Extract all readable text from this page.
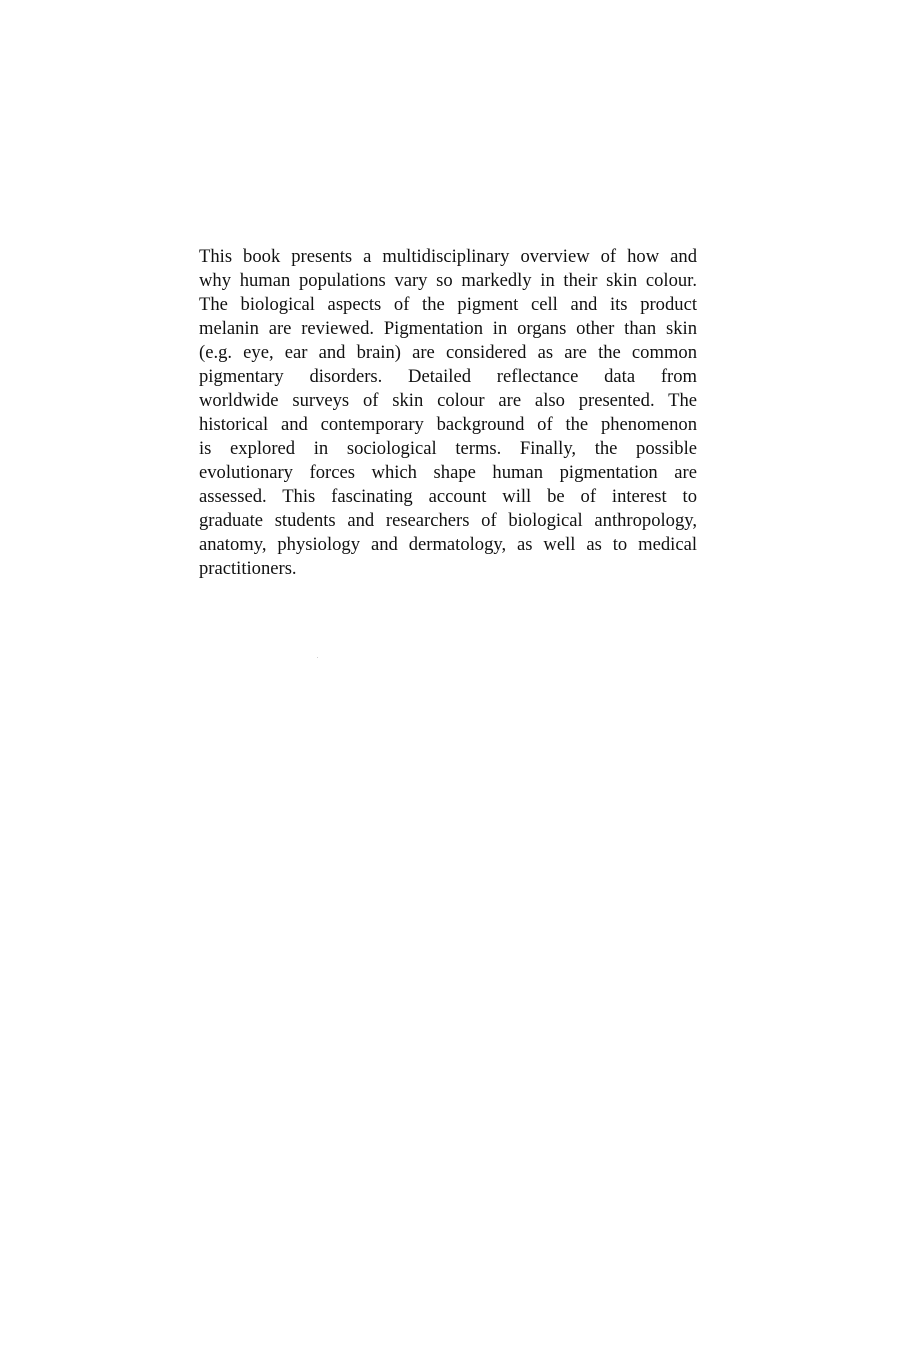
This book presents a multidisciplinary overview of how and
why human populations vary so markedly in their skin colour.
The biological aspects of the pigment cell and its product
melanin are reviewed. Pigmentation in organs other than skin
(e.g. eye, ear and brain) are considered as are the common
pigmentary disorders. Detailed reflectance data from
worldwide surveys of skin colour are also presented. The
historical and contemporary background of the phenomenon
is explored in sociological terms. Finally, the possible
evolutionary forces which shape human pigmentation are
assessed. This fascinating account will be of interest to
graduate students and researchers of biological anthropology,
anatomy, physiology and dermatology, as well as to medical
practitioners.
